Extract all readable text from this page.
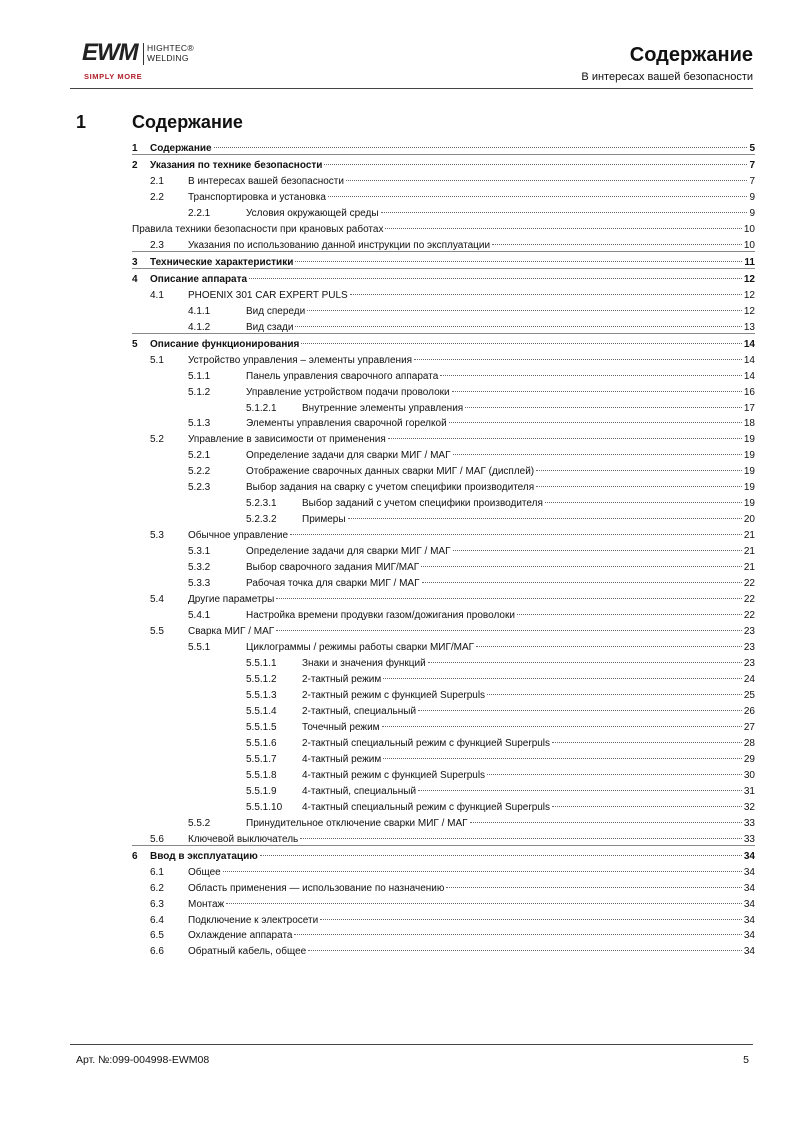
EWM HIGHTEC®
WELDING
SIMPLY MORE
Содержание
В интересах вашей безопасности
1	Содержание
1	Содержание	5
2	Указания по технике безопасности	7
2.1	В интересах вашей безопасности	7
2.2	Транспортировка и установка	9
2.2.1	Условия окружающей среды	9
Правила техники безопасности при крановых работах	10
2.3	Указания по использованию данной инструкции по эксплуатации	10
3	Технические характеристики	11
4	Описание аппарата	12
4.1	PHOENIX 301 CAR EXPERT PULS	12
4.1.1	Вид спереди	12
4.1.2	Вид сзади	13
5	Описание функционирования	14
5.1	Устройство управления – элементы управления	14
5.1.1	Панель управления сварочного аппарата	14
5.1.2	Управление устройством подачи проволоки	16
5.1.2.1	Внутренние элементы управления	17
5.1.3	Элементы управления сварочной горелкой	18
5.2	Управление в зависимости от применения	19
5.2.1	Определение задачи для сварки МИГ / МАГ	19
5.2.2	Отображение сварочных данных сварки МИГ / МАГ (дисплей)	19
5.2.3	Выбор задания на сварку с учетом специфики производителя	19
5.2.3.1	Выбор заданий с учетом специфики производителя	19
5.2.3.2	Примеры	20
5.3	Обычное управление	21
5.3.1	Определение задачи для сварки МИГ / МАГ	21
5.3.2	Выбор сварочного задания МИГ/МАГ	21
5.3.3	Рабочая точка для сварки МИГ / МАГ	22
5.4	Другие параметры	22
5.4.1	Настройка времени продувки газом/дожигания проволоки	22
5.5	Сварка МИГ / МАГ	23
5.5.1	Циклограммы / режимы работы сварки МИГ/МАГ	23
5.5.1.1	Знаки и значения функций	23
5.5.1.2	2-тактный режим	24
5.5.1.3	2-тактный режим с функцией Superpuls	25
5.5.1.4	2-тактный, специальный	26
5.5.1.5	Точечный режим	27
5.5.1.6	2-тактный специальный режим с функцией Superpuls	28
5.5.1.7	4-тактный режим	29
5.5.1.8	4-тактный режим с функцией Superpuls	30
5.5.1.9	4-тактный, специальный	31
5.5.1.10	4-тактный специальный режим с функцией Superpuls	32
5.5.2	Принудительное отключение сварки МИГ / МАГ	33
5.6	Ключевой выключатель	33
6	Ввод в эксплуатацию	34
6.1	Общее	34
6.2	Область применения — использование по назначению	34
6.3	Монтаж	34
6.4	Подключение к электросети	34
6.5	Охлаждение аппарата	34
6.6	Обратный кабель, общее	34
Арт. №:099-004998-EWM08	5
